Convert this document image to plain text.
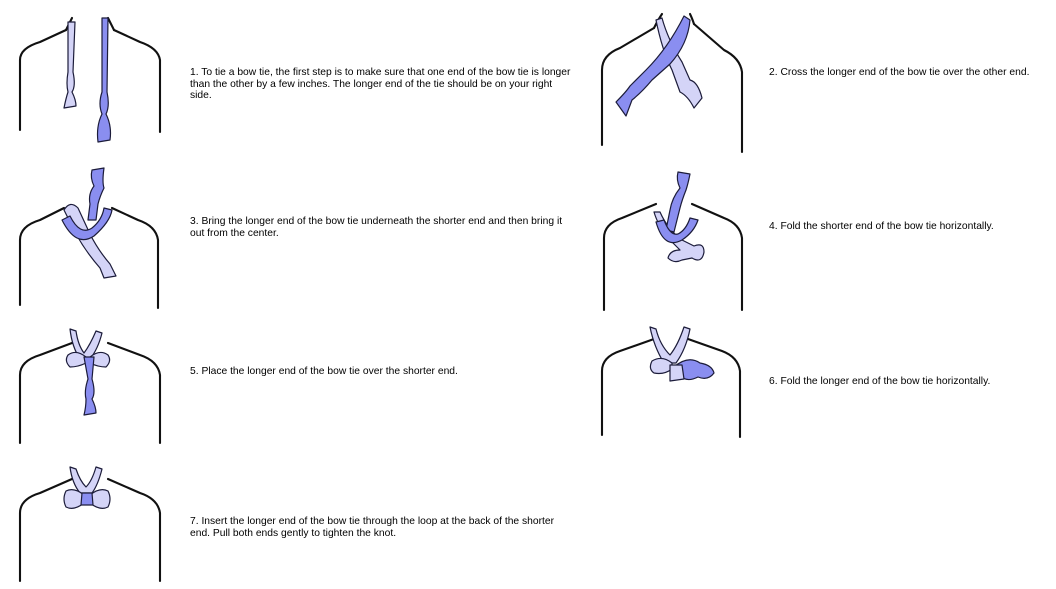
1. To tie a bow tie, the first step is to make sure that one end of the bow tie is longer than the other by a few inches. The longer end of the tie should be on your right side.
2. Cross the longer end of the bow tie over the other end.
3. Bring the longer end of the bow tie underneath the shorter end and then bring it out from the center.
4. Fold the shorter end of the bow tie horizontally.
5. Place the longer end of the bow tie over the shorter end.
6. Fold the longer end of the bow tie horizontally.
7. Insert the longer end of the bow tie through the loop at the back of the shorter end. Pull both ends gently to tighten the knot.
